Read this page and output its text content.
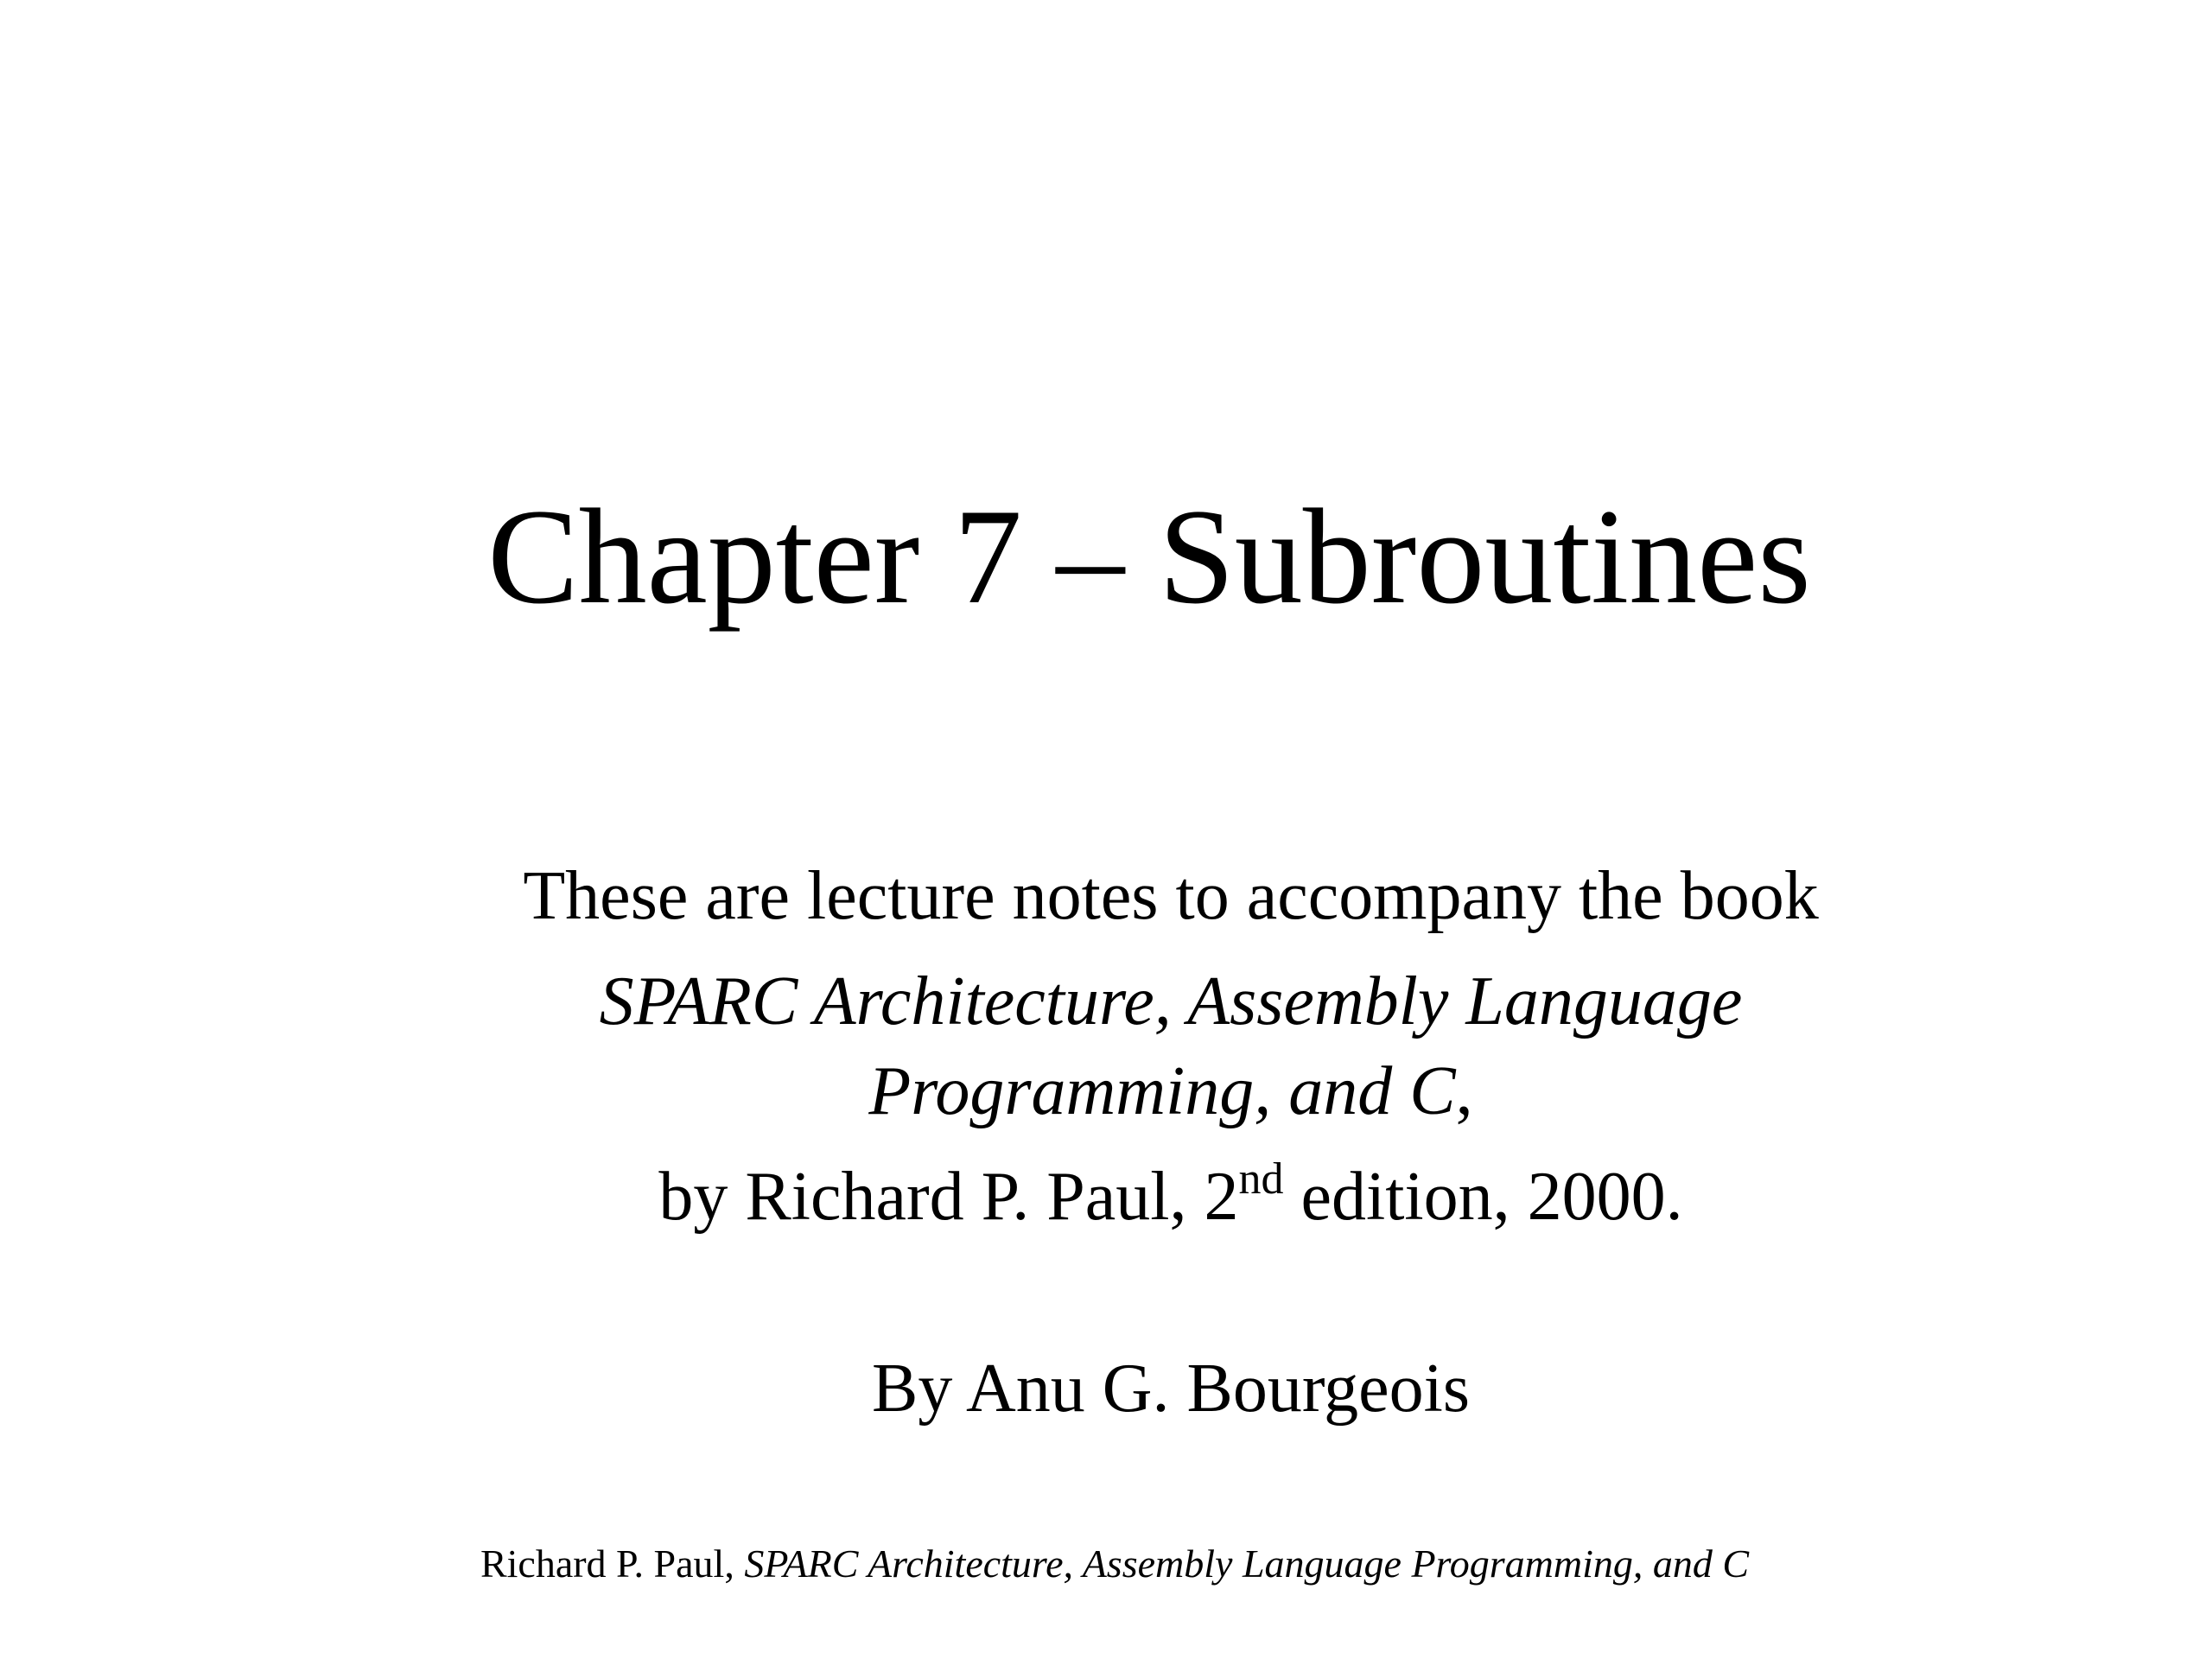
Chapter 7 – Subroutines
These are lecture notes to accompany the book
SPARC Architecture, Assembly Language
Programming, and C,
by Richard P. Paul, 2nd edition, 2000.
By Anu G. Bourgeois
Richard P. Paul, SPARC Architecture, Assembly Language Programming, and C
